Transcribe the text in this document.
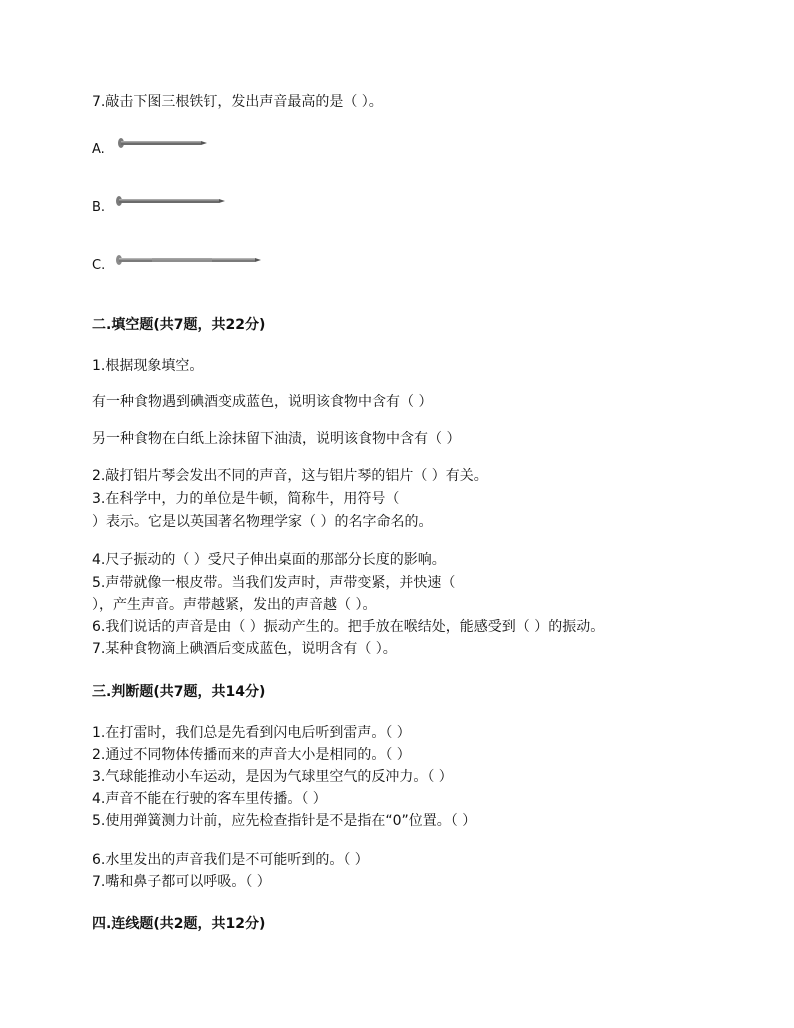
7.敲击下图三根铁钉，发出声音最高的是（ ）。
A.
B.
C.
二.填空题(共7题，共22分)
1.根据现象填空。
有一种食物遇到碘酒变成蓝色，说明该食物中含有（ ）
另一种食物在白纸上涂抹留下油渍，说明该食物中含有（ ）
2.敲打铝片琴会发出不同的声音，这与铝片琴的铝片（ ）有关。
3.在科学中，力的单位是牛顿，简称牛，用符号（
）表示。它是以英国著名物理学家（ ）的名字命名的。
4.尺子振动的（ ）受尺子伸出桌面的那部分长度的影响。
5.声带就像一根皮带。当我们发声时，声带变紧，并快速（
），产生声音。声带越紧，发出的声音越（ ）。
6.我们说话的声音是由（ ）振动产生的。把手放在喉结处，能感受到（ ）的振动。
7.某种食物滴上碘酒后变成蓝色，说明含有（ ）。
三.判断题(共7题，共14分)
1.在打雷时，我们总是先看到闪电后听到雷声。（ ）
2.通过不同物体传播而来的声音大小是相同的。（ ）
3.气球能推动小车运动，是因为气球里空气的反冲力。（ ）
4.声音不能在行驶的客车里传播。（ ）
5.使用弹簧测力计前，应先检查指针是不是指在“0”位置。（ ）
6.水里发出的声音我们是不可能听到的。（ ）
7.嘴和鼻子都可以呼吸。（ ）
四.连线题(共2题，共12分)
